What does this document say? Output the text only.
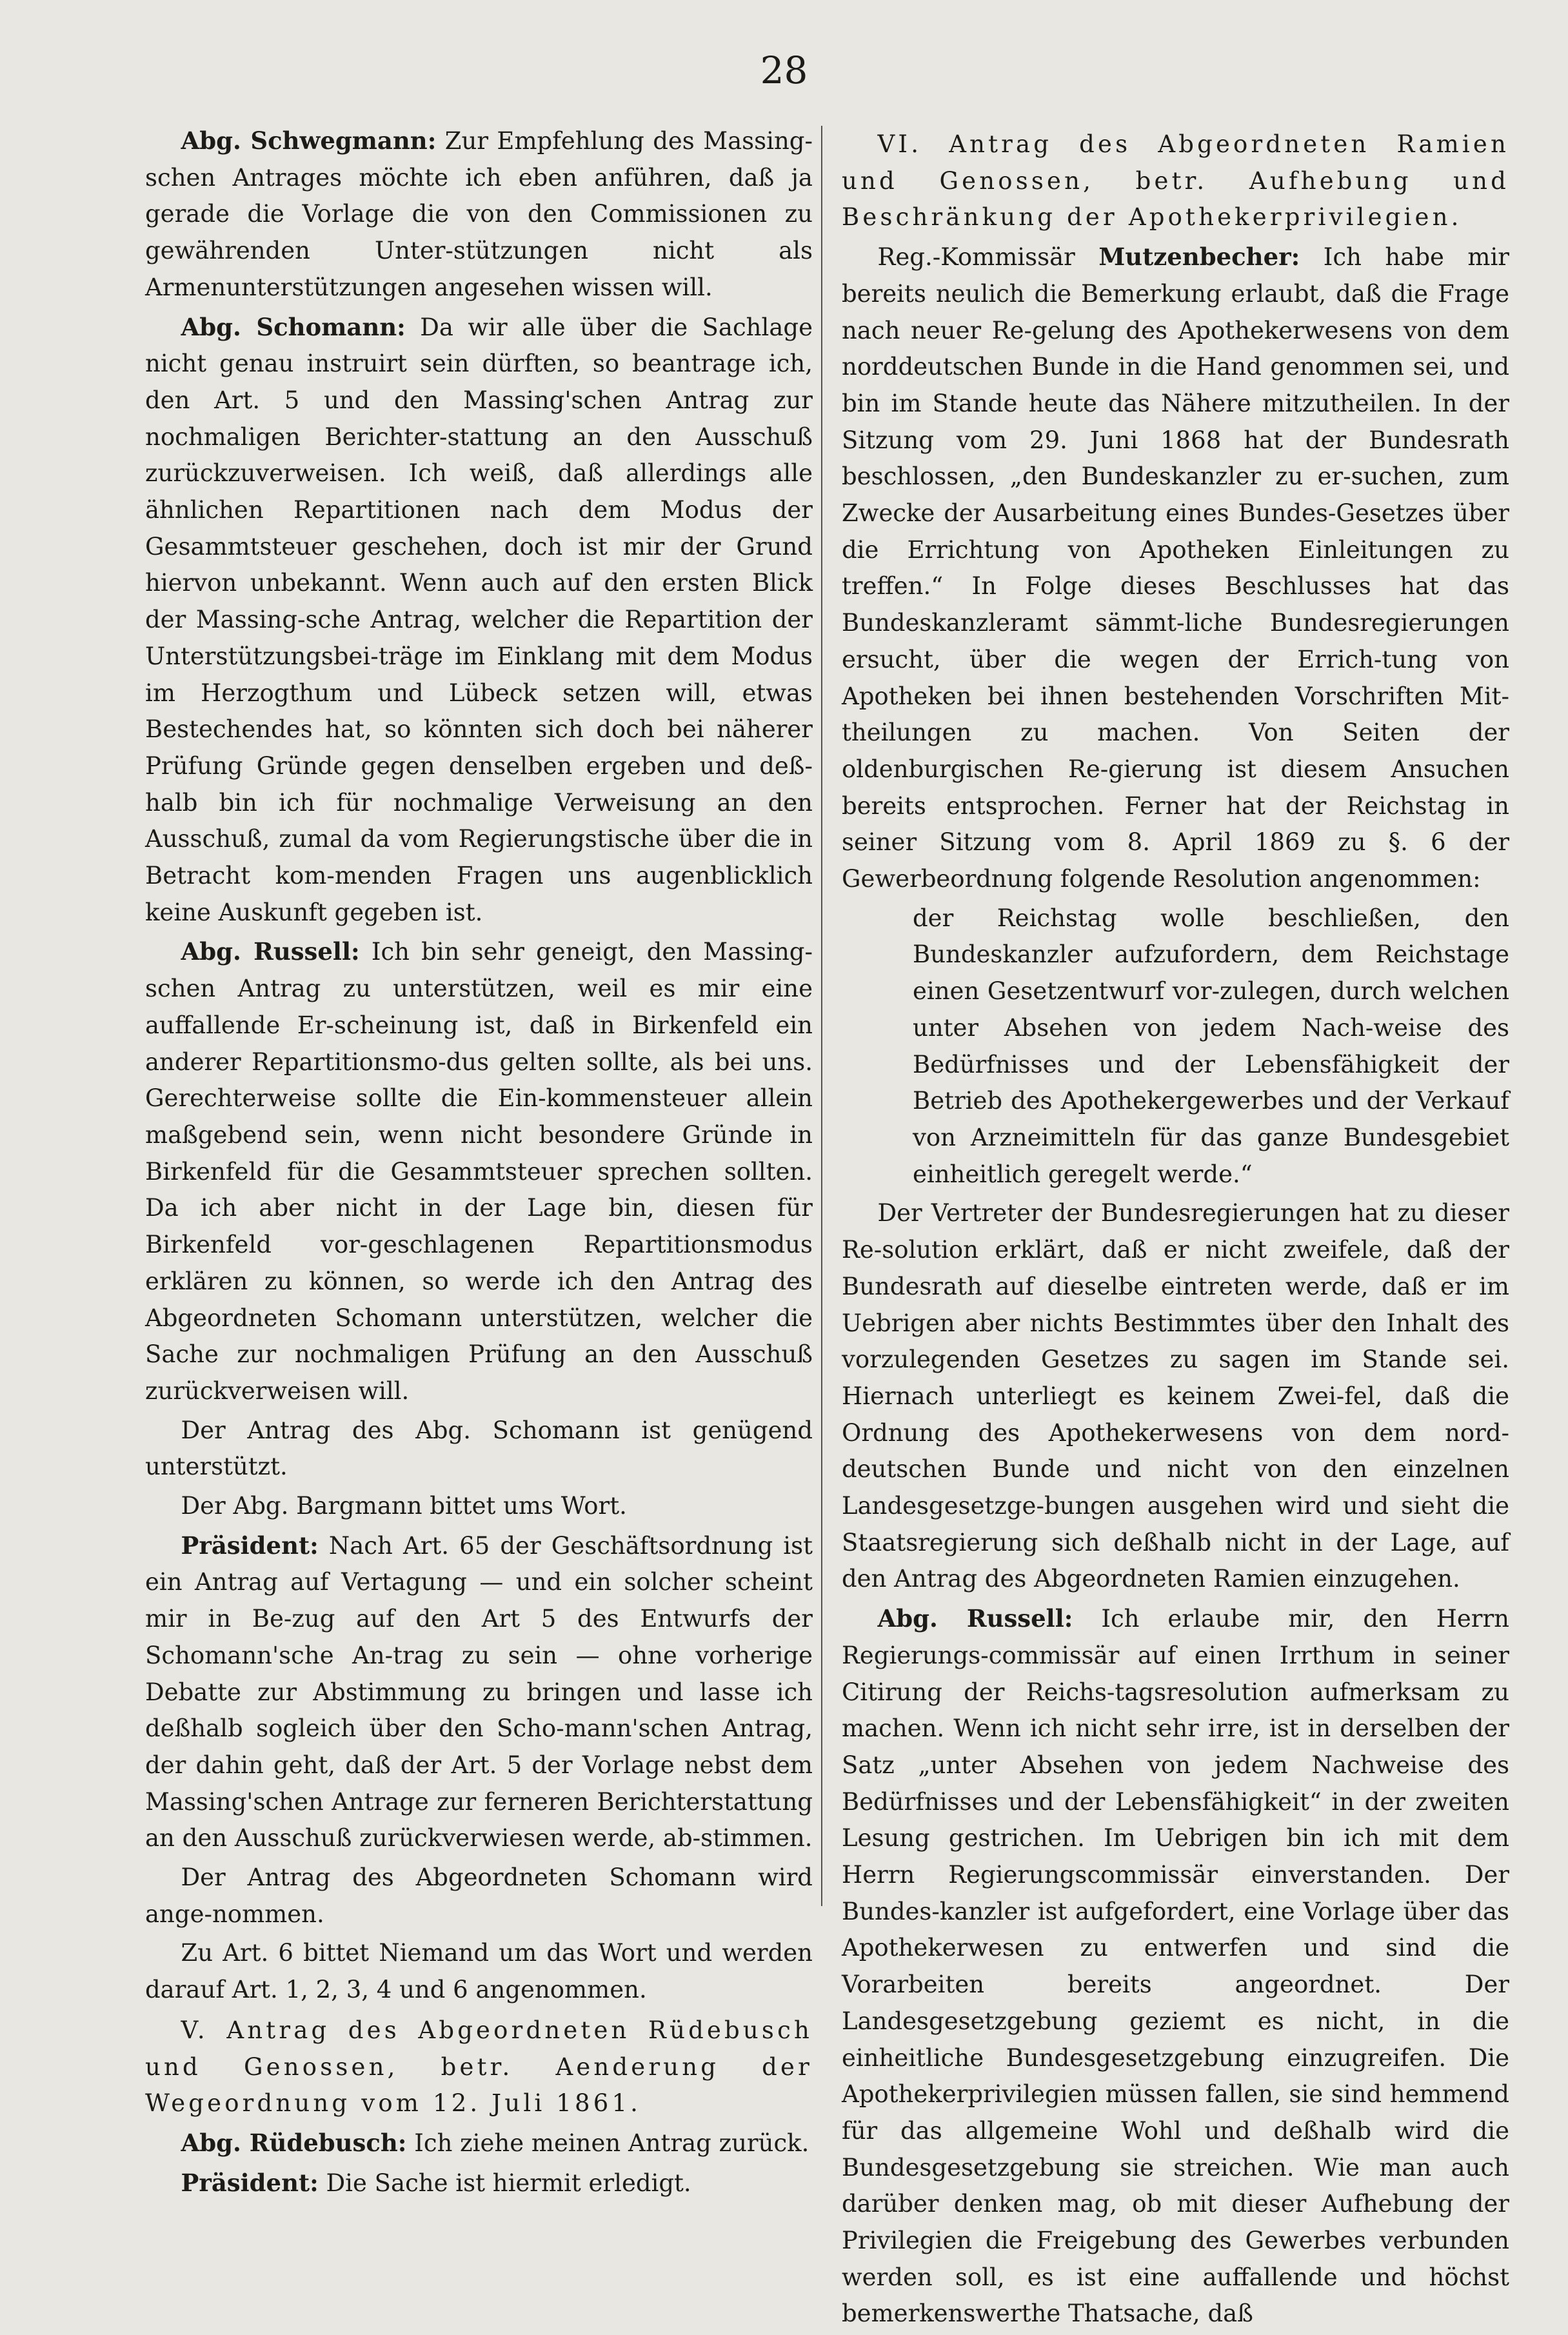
28

Abg. Schwegmann: Zur Empfehlung des Massing-schen Antrages möchte ich eben anführen, daß ja gerade die Vorlage die von den Commissionen zu gewährenden Unter-stützungen nicht als Armenunterstützungen angesehen wissen will.

Abg. Schomann: Da wir alle über die Sachlage nicht genau instruirt sein dürften, so beantrage ich, den Art. 5 und den Massing'schen Antrag zur nochmaligen Berichter-stattung an den Ausschuß zurückzuverweisen. Ich weiß, daß allerdings alle ähnlichen Repartitionen nach dem Modus der Gesammtsteuer geschehen, doch ist mir der Grund hiervon unbekannt. Wenn auch auf den ersten Blick der Massing-sche Antrag, welcher die Repartition der Unterstützungsbei-träge im Einklang mit dem Modus im Herzogthum und Lübeck setzen will, etwas Bestechendes hat, so könnten sich doch bei näherer Prüfung Gründe gegen denselben ergeben und deß-halb bin ich für nochmalige Verweisung an den Ausschuß, zumal da vom Regierungstische über die in Betracht kom-menden Fragen uns augenblicklich keine Auskunft gegeben ist.

Abg. Russell: Ich bin sehr geneigt, den Massing-schen Antrag zu unterstützen, weil es mir eine auffallende Er-scheinung ist, daß in Birkenfeld ein anderer Repartitionsmo-dus gelten sollte, als bei uns. Gerechterweise sollte die Ein-kommensteuer allein maßgebend sein, wenn nicht besondere Gründe in Birkenfeld für die Gesammtsteuer sprechen sollten. Da ich aber nicht in der Lage bin, diesen für Birkenfeld vor-geschlagenen Repartitionsmodus erklären zu können, so werde ich den Antrag des Abgeordneten Schomann unterstützen, welcher die Sache zur nochmaligen Prüfung an den Ausschuß zurückverweisen will.

Der Antrag des Abg. Schomann ist genügend unterstützt.

Der Abg. Bargmann bittet ums Wort.

Präsident: Nach Art. 65 der Geschäftsordnung ist ein Antrag auf Vertagung — und ein solcher scheint mir in Be-zug auf den Art 5 des Entwurfs der Schomann'sche An-trag zu sein — ohne vorherige Debatte zur Abstimmung zu bringen und lasse ich deßhalb sogleich über den Scho-mann'schen Antrag, der dahin geht, daß der Art. 5 der Vorlage nebst dem Massing'schen Antrage zur ferneren Berichterstattung an den Ausschuß zurückverwiesen werde, ab-stimmen.

Der Antrag des Abgeordneten Schomann wird ange-nommen.

Zu Art. 6 bittet Niemand um das Wort und werden darauf Art. 1, 2, 3, 4 und 6 angenommen.

V. Antrag des Abgeordneten Rüdebusch und Genossen, betr. Aenderung der Wegeordnung vom 12. Juli 1861.

Abg. Rüdebusch: Ich ziehe meinen Antrag zurück.

Präsident: Die Sache ist hiermit erledigt.

VI. Antrag des Abgeordneten Ramien und Genossen, betr. Aufhebung und Beschränkung der Apothekerprivilegien.

Reg.-Kommissär Mutzenbecher: Ich habe mir bereits neulich die Bemerkung erlaubt, daß die Frage nach neuer Re-gelung des Apothekerwesens von dem norddeutschen Bunde in die Hand genommen sei, und bin im Stande heute das Nähere mitzutheilen. In der Sitzung vom 29. Juni 1868 hat der Bundesrath beschlossen, „den Bundeskanzler zu er-suchen, zum Zwecke der Ausarbeitung eines Bundes-Gesetzes über die Errichtung von Apotheken Einleitungen zu treffen.“ In Folge dieses Beschlusses hat das Bundeskanzleramt sämmt-liche Bundesregierungen ersucht, über die wegen der Errich-tung von Apotheken bei ihnen bestehenden Vorschriften Mit-theilungen zu machen. Von Seiten der oldenburgischen Re-gierung ist diesem Ansuchen bereits entsprochen. Ferner hat der Reichstag in seiner Sitzung vom 8. April 1869 zu §. 6 der Gewerbeordnung folgende Resolution angenommen:

der Reichstag wolle beschließen, den Bundeskanzler aufzufordern, dem Reichstage einen Gesetzentwurf vor-zulegen, durch welchen unter Absehen von jedem Nach-weise des Bedürfnisses und der Lebensfähigkeit der Betrieb des Apothekergewerbes und der Verkauf von Arzneimitteln für das ganze Bundesgebiet einheitlich geregelt werde.“

Der Vertreter der Bundesregierungen hat zu dieser Re-solution erklärt, daß er nicht zweifele, daß der Bundesrath auf dieselbe eintreten werde, daß er im Uebrigen aber nichts Bestimmtes über den Inhalt des vorzulegenden Gesetzes zu sagen im Stande sei. Hiernach unterliegt es keinem Zwei-fel, daß die Ordnung des Apothekerwesens von dem nord-deutschen Bunde und nicht von den einzelnen Landesgesetzge-bungen ausgehen wird und sieht die Staatsregierung sich deßhalb nicht in der Lage, auf den Antrag des Abgeordneten Ramien einzugehen.

Abg. Russell: Ich erlaube mir, den Herrn Regierungs-commissär auf einen Irrthum in seiner Citirung der Reichs-tagsresolution aufmerksam zu machen. Wenn ich nicht sehr irre, ist in derselben der Satz „unter Absehen von jedem Nachweise des Bedürfnisses und der Lebensfähigkeit“ in der zweiten Lesung gestrichen. Im Uebrigen bin ich mit dem Herrn Regierungscommissär einverstanden. Der Bundes-kanzler ist aufgefordert, eine Vorlage über das Apothekerwesen zu entwerfen und sind die Vorarbeiten bereits angeordnet. Der Landesgesetzgebung geziemt es nicht, in die einheitliche Bundesgesetzgebung einzugreifen. Die Apothekerprivilegien müssen fallen, sie sind hemmend für das allgemeine Wohl und deßhalb wird die Bundesgesetzgebung sie streichen. Wie man auch darüber denken mag, ob mit dieser Aufhebung der Privilegien die Freigebung des Gewerbes verbunden werden soll, es ist eine auffallende und höchst bemerkenswerthe Thatsache, daß
